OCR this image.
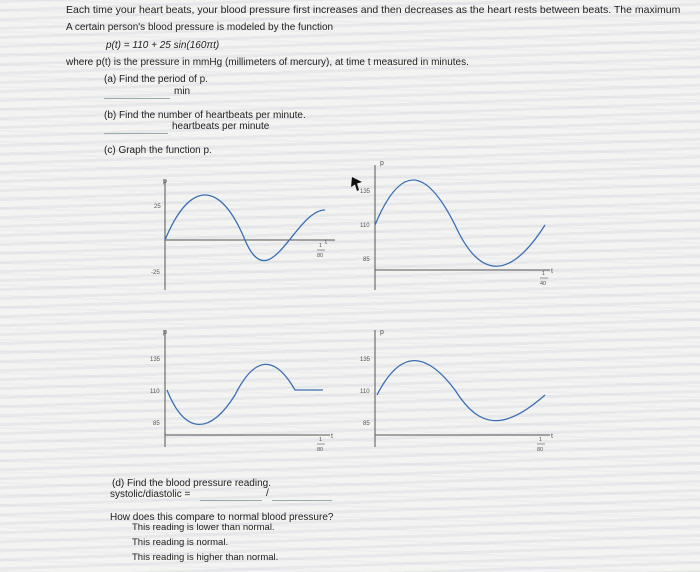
Each time your heart beats, your blood pressure first increases and then decreases as the heart rests between beats. The maximum
A certain person's blood pressure is modeled by the function
p(t) = 110 + 25 sin(160πt)
where p(t) is the pressure in mmHg (millimeters of mercury), at time t measured in minutes.
(a) Find the period of p.
min
(b) Find the number of heartbeats per minute.
heartbeats per minute
(c) Graph the function p.
p
t
25
-25
1
80
p
t
135
110
85
1
40
p
t
135
110
85
1
80
p
t
135
110
85
1
80
(d) Find the blood pressure reading.
systolic/diastolic =	/
How does this compare to normal blood pressure?
This reading is lower than normal.
This reading is normal.
This reading is higher than normal.
